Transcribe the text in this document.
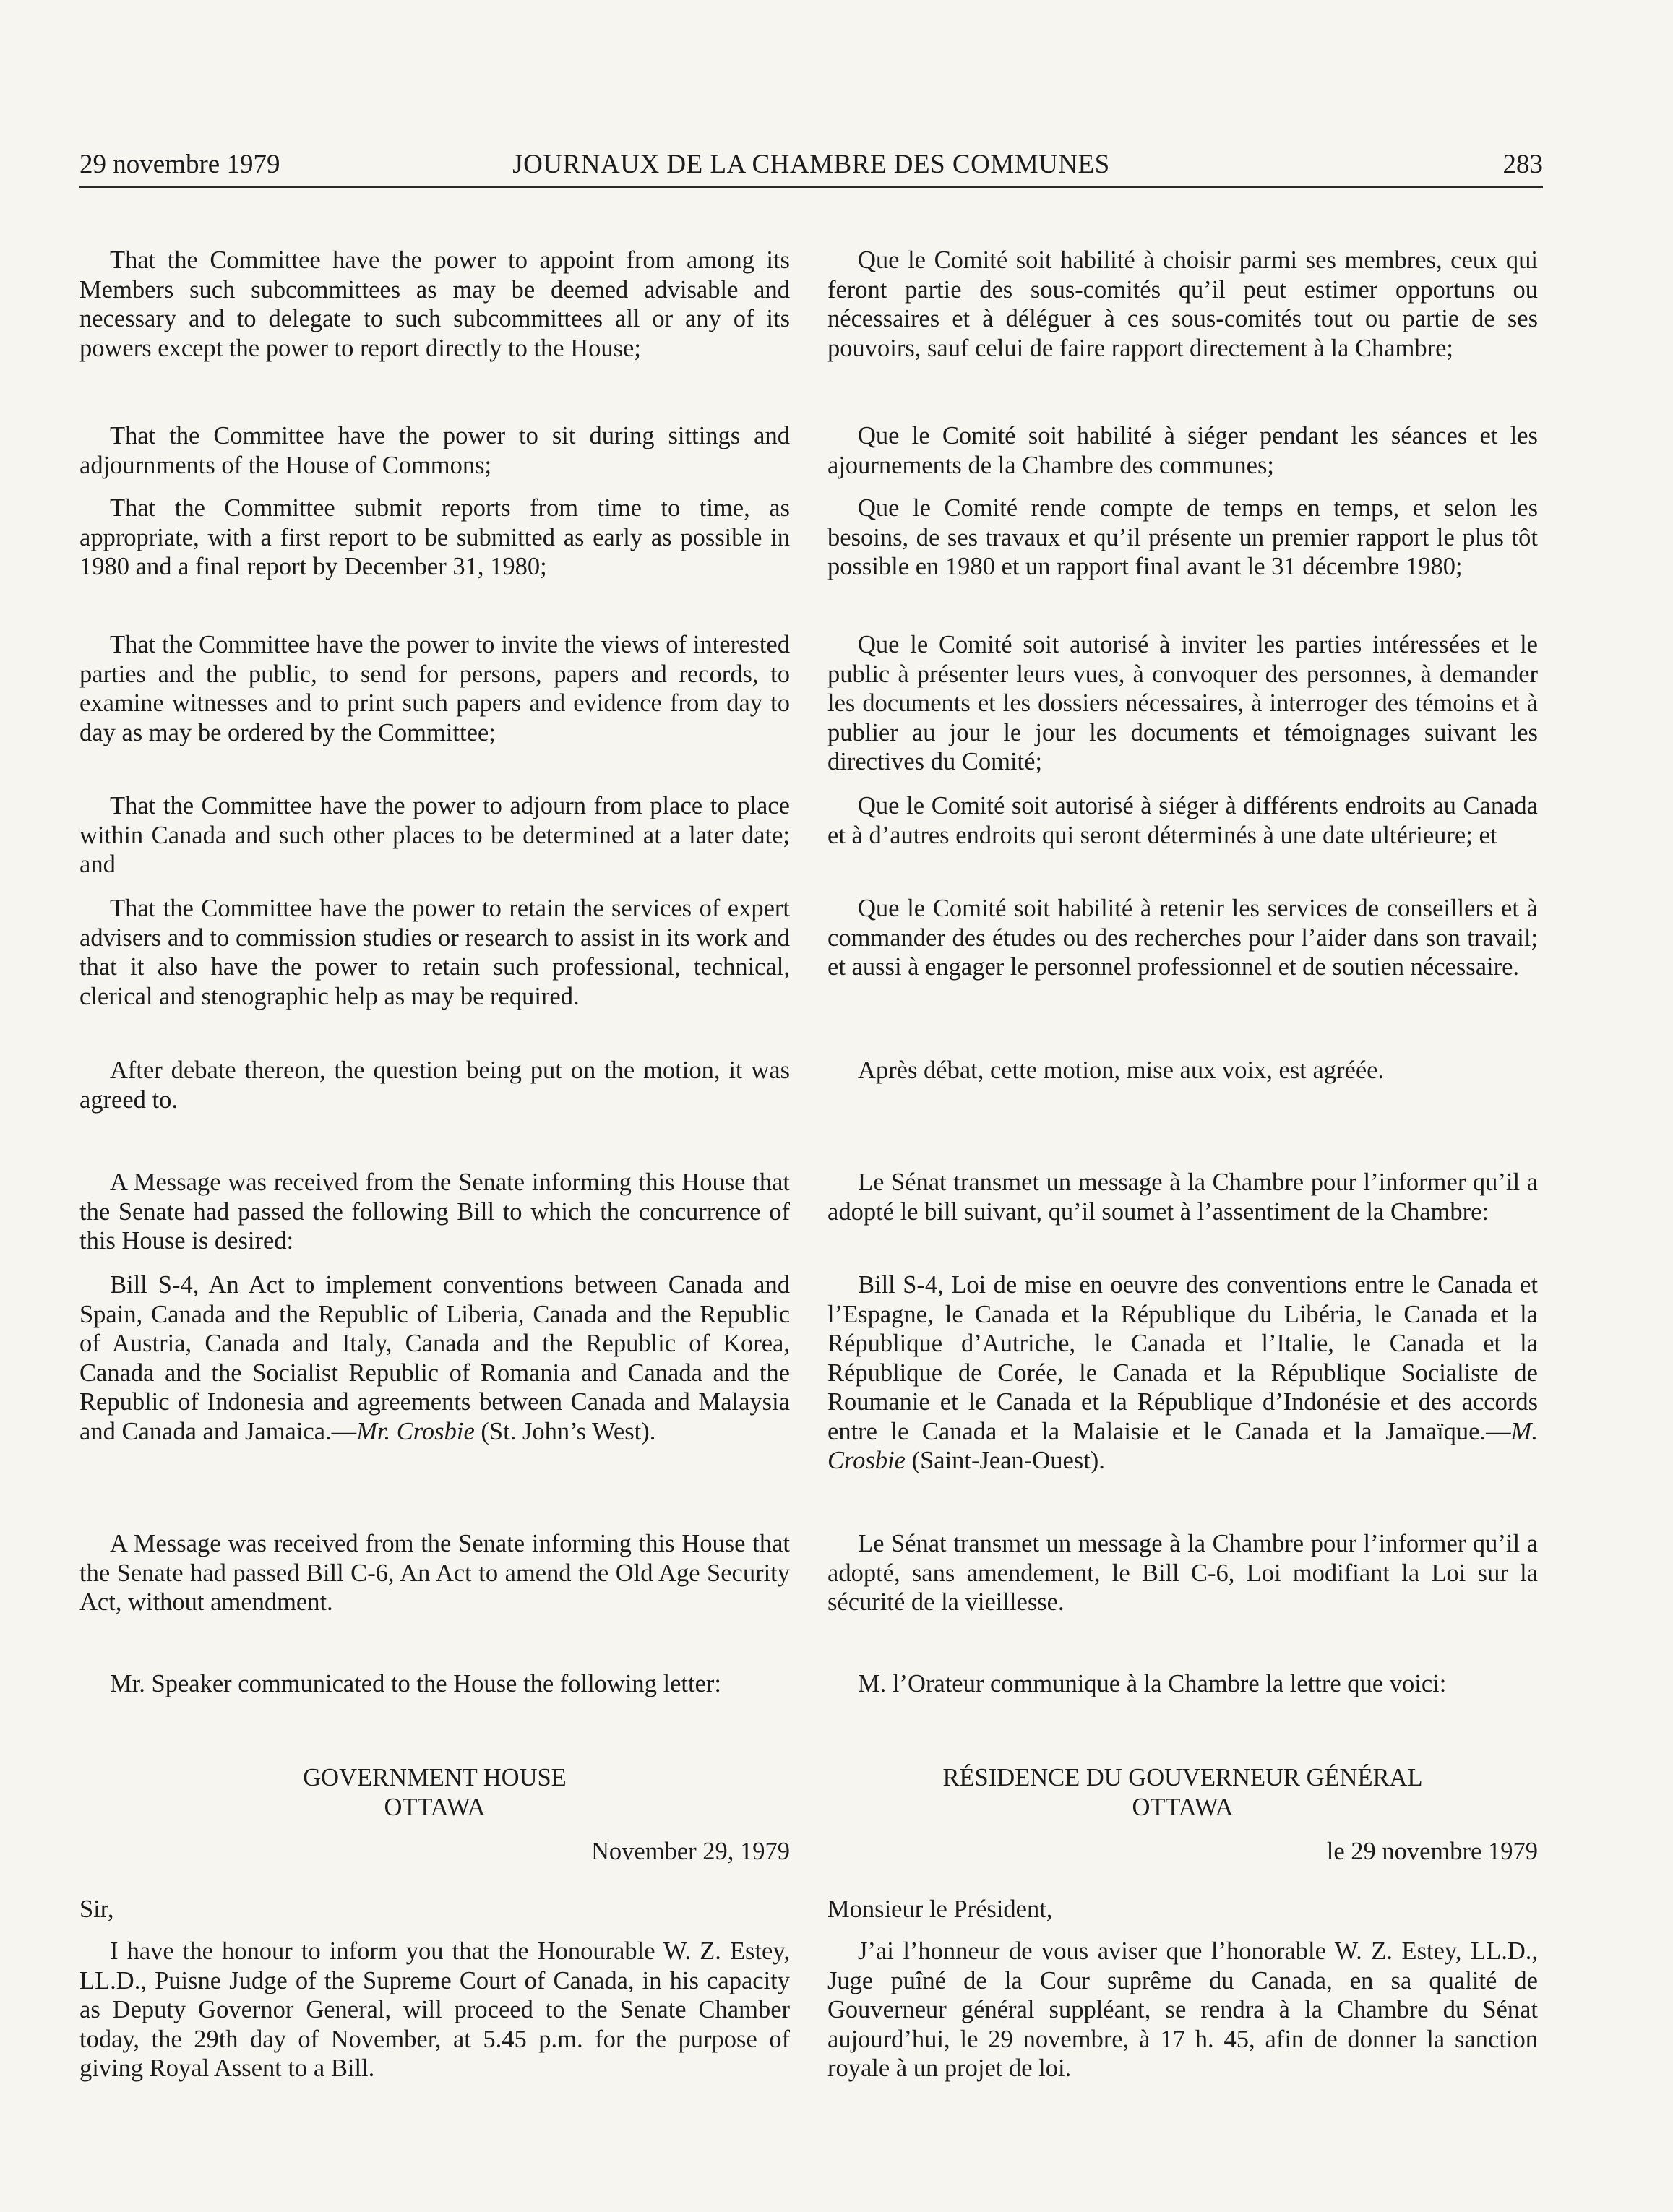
29 novembre 1979	JOURNAUX DE LA CHAMBRE DES COMMUNES	283

That the Committee have the power to appoint from among its Members such subcommittees as may be deemed advisable and necessary and to delegate to such subcommittees all or any of its powers except the power to report directly to the House;

That the Committee have the power to sit during sittings and adjournments of the House of Commons;

That the Committee submit reports from time to time, as appropriate, with a first report to be submitted as early as possible in 1980 and a final report by December 31, 1980;

That the Committee have the power to invite the views of interested parties and the public, to send for persons, papers and records, to examine witnesses and to print such papers and evidence from day to day as may be ordered by the Committee;

That the Committee have the power to adjourn from place to place within Canada and such other places to be determined at a later date; and

That the Committee have the power to retain the services of expert advisers and to commission studies or research to assist in its work and that it also have the power to retain such professional, technical, clerical and stenographic help as may be required.

After debate thereon, the question being put on the motion, it was agreed to.

A Message was received from the Senate informing this House that the Senate had passed the following Bill to which the concurrence of this House is desired:

Bill S-4, An Act to implement conventions between Canada and Spain, Canada and the Republic of Liberia, Canada and the Republic of Austria, Canada and Italy, Canada and the Republic of Korea, Canada and the Socialist Republic of Romania and Canada and the Republic of Indonesia and agreements between Canada and Malaysia and Canada and Jamaica.—Mr. Crosbie (St. John’s West).

A Message was received from the Senate informing this House that the Senate had passed Bill C-6, An Act to amend the Old Age Security Act, without amendment.

Mr. Speaker communicated to the House the following letter:

GOVERNMENT HOUSE
OTTAWA
November 29, 1979
Sir,

I have the honour to inform you that the Honourable W. Z. Estey, LL.D., Puisne Judge of the Supreme Court of Canada, in his capacity as Deputy Governor General, will proceed to the Senate Chamber today, the 29th day of November, at 5.45 p.m. for the purpose of giving Royal Assent to a Bill.

Que le Comité soit habilité à choisir parmi ses membres, ceux qui feront partie des sous-comités qu’il peut estimer opportuns ou nécessaires et à déléguer à ces sous-comités tout ou partie de ses pouvoirs, sauf celui de faire rapport directement à la Chambre;

Que le Comité soit habilité à siéger pendant les séances et les ajournements de la Chambre des communes;

Que le Comité rende compte de temps en temps, et selon les besoins, de ses travaux et qu’il présente un premier rapport le plus tôt possible en 1980 et un rapport final avant le 31 décembre 1980;

Que le Comité soit autorisé à inviter les parties intéressées et le public à présenter leurs vues, à convoquer des personnes, à demander les documents et les dossiers nécessaires, à interroger des témoins et à publier au jour le jour les documents et témoignages suivant les directives du Comité;

Que le Comité soit autorisé à siéger à différents endroits au Canada et à d’autres endroits qui seront déterminés à une date ultérieure; et

Que le Comité soit habilité à retenir les services de conseillers et à commander des études ou des recherches pour l’aider dans son travail; et aussi à engager le personnel professionnel et de soutien nécessaire.

Après débat, cette motion, mise aux voix, est agréée.

Le Sénat transmet un message à la Chambre pour l’informer qu’il a adopté le bill suivant, qu’il soumet à l’assentiment de la Chambre:

Bill S-4, Loi de mise en oeuvre des conventions entre le Canada et l’Espagne, le Canada et la République du Libéria, le Canada et la République d’Autriche, le Canada et l’Italie, le Canada et la République de Corée, le Canada et la République Socialiste de Roumanie et le Canada et la République d’Indonésie et des accords entre le Canada et la Malaisie et le Canada et la Jamaïque.—M. Crosbie (Saint-Jean-Ouest).

Le Sénat transmet un message à la Chambre pour l’informer qu’il a adopté, sans amendement, le Bill C-6, Loi modifiant la Loi sur la sécurité de la vieillesse.

M. l’Orateur communique à la Chambre la lettre que voici:

RÉSIDENCE DU GOUVERNEUR GÉNÉRAL
OTTAWA
le 29 novembre 1979
Monsieur le Président,

J’ai l’honneur de vous aviser que l’honorable W. Z. Estey, LL.D., Juge puîné de la Cour suprême du Canada, en sa qualité de Gouverneur général suppléant, se rendra à la Chambre du Sénat aujourd’hui, le 29 novembre, à 17 h. 45, afin de donner la sanction royale à un projet de loi.
